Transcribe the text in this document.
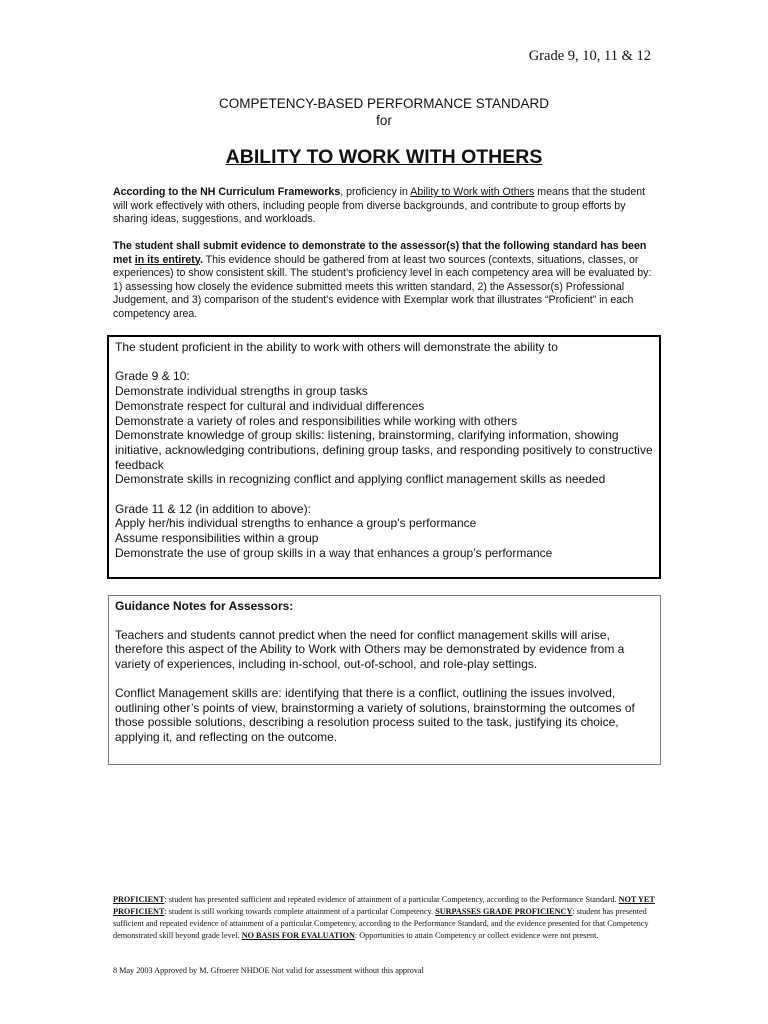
Grade 9, 10, 11 & 12
COMPETENCY-BASED PERFORMANCE STANDARD
for
ABILITY TO WORK WITH OTHERS
According to the NH Curriculum Frameworks, proficiency in Ability to Work with Others means that the student will work effectively with others, including people from diverse backgrounds, and contribute to group efforts by sharing ideas, suggestions, and workloads.
The student shall submit evidence to demonstrate to the assessor(s) that the following standard has been met in its entirety. This evidence should be gathered from at least two sources (contexts, situations, classes, or experiences) to show consistent skill. The student’s proficiency level in each competency area will be evaluated by: 1) assessing how closely the evidence submitted meets this written standard, 2) the Assessor(s) Professional Judgement, and 3) comparison of the student’s evidence with Exemplar work that illustrates “Proficient” in each competency area.
The student proficient in the ability to work with others will demonstrate the ability to
Grade 9 & 10:
Demonstrate individual strengths in group tasks
Demonstrate respect for cultural and individual differences
Demonstrate a variety of roles and responsibilities while working with others
Demonstrate knowledge of group skills: listening, brainstorming, clarifying information, showing initiative, acknowledging contributions, defining group tasks, and responding positively to constructive feedback
Demonstrate skills in recognizing conflict and applying conflict management skills as needed
Grade 11 & 12 (in addition to above):
Apply her/his individual strengths to enhance a group’s performance
Assume responsibilities within a group
Demonstrate the use of group skills in a way that enhances a group’s performance
Guidance Notes for Assessors:
Teachers and students cannot predict when the need for conflict management skills will arise, therefore this aspect of the Ability to Work with Others may be demonstrated by evidence from a variety of experiences, including in-school, out-of-school, and role-play settings.
Conflict Management skills are: identifying that there is a conflict, outlining the issues involved, outlining other’s points of view, brainstorming a variety of solutions, brainstorming the outcomes of those possible solutions, describing a resolution process suited to the task, justifying its choice, applying it, and reflecting on the outcome.
PROFICIENT: student has presented sufficient and repeated evidence of attainment of a particular Competency, according to the Performance Standard. NOT YET PROFICIENT: student is still working towards complete attainment of a particular Competency. SURPASSES GRADE PROFICIENCY: student has presented sufficient and repeated evidence of attainment of a particular Competency, according to the Performance Standard, and the evidence presented for that Competency demonstrated skill beyond grade level. NO BASIS FOR EVALUATION: Opportunities to attain Competency or collect evidence were not present.
8 May 2003 Approved by M. Gfroerer NHDOE Not valid for assessment without this approval
